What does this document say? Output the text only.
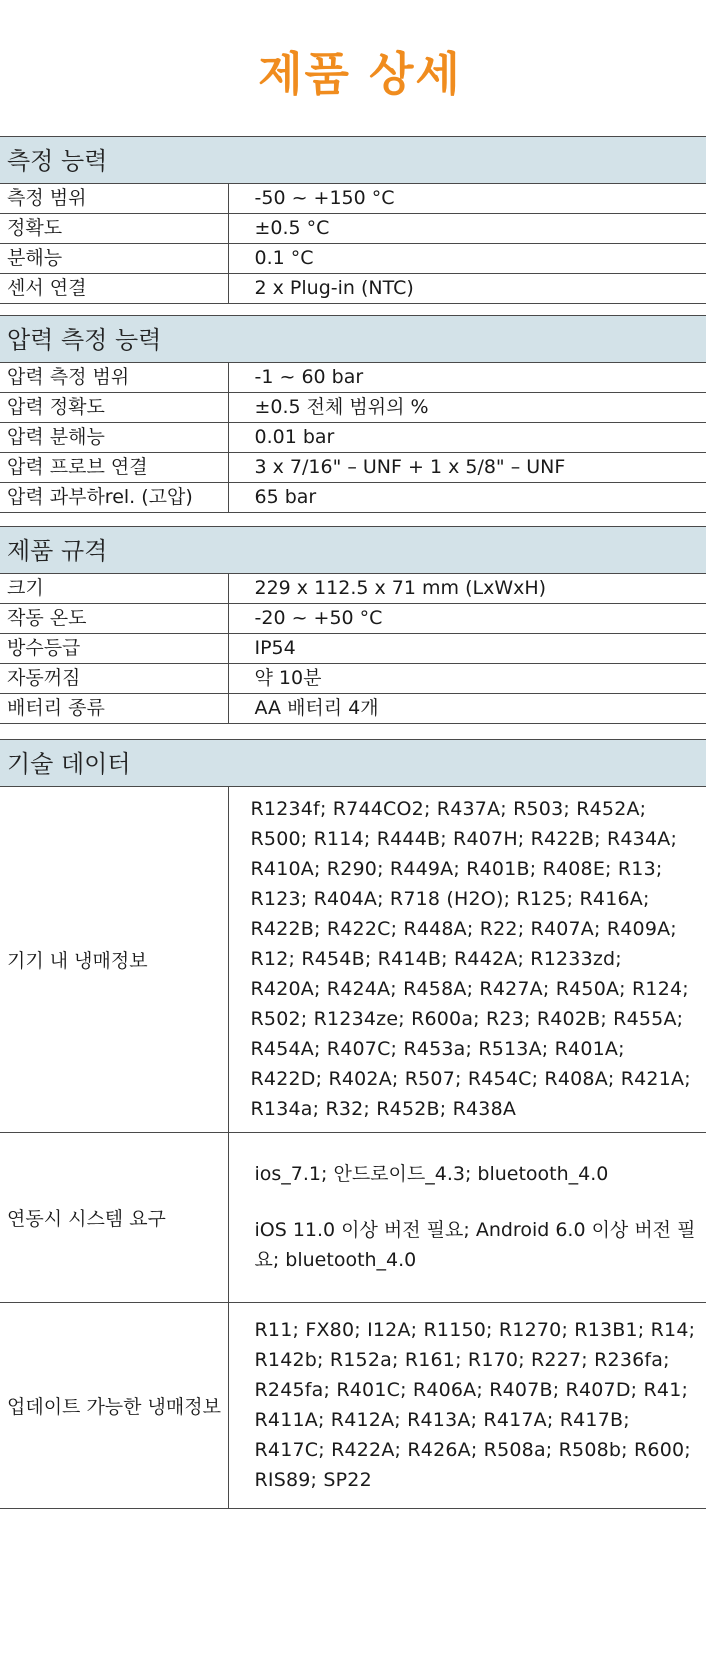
제품 상세
측정 능력
측정 범위	-50 ~ +150 °C
정확도	±0.5 °C
분해능	0.1 °C
센서 연결	2 x Plug-in (NTC)
압력 측정 능력
압력 측정 범위	-1 ~ 60 bar
압력 정확도	±0.5 전체 범위의 %
압력 분해능	0.01 bar
압력 프로브 연결	3 x 7/16" – UNF + 1 x 5/8" – UNF
압력 과부하rel. (고압)	65 bar
제품 규격
크기	229 x 112.5 x 71 mm (LxWxH)
작동 온도	-20 ~ +50 °C
방수등급	IP54
자동꺼짐	약 10분
배터리 종류	AA 배터리 4개
기술 데이터
기기 내 냉매정보	R1234f; R744CO2; R437A; R503; R452A; R500; R114; R444B; R407H; R422B; R434A; R410A; R290; R449A; R401B; R408E; R13; R123; R404A; R718 (H2O); R125; R416A; R422B; R422C; R448A; R22; R407A; R409A; R12; R454B; R414B; R442A; R1233zd; R420A; R424A; R458A; R427A; R450A; R124; R502; R1234ze; R600a; R23; R402B; R455A; R454A; R407C; R453a; R513A; R401A; R422D; R402A; R507; R454C; R408A; R421A; R134a; R32; R452B; R438A
연동시 시스템 요구	ios_7.1; 안드로이드_4.3; bluetooth_4.0

iOS 11.0 이상 버전 필요; Android 6.0 이상 버전 필요; bluetooth_4.0

업데이트 가능한 냉매정보	R11; FX80; I12A; R1150; R1270; R13B1; R14; R142b; R152a; R161; R170; R227; R236fa; R245fa; R401C; R406A; R407B; R407D; R41; R411A; R412A; R413A; R417A; R417B; R417C; R422A; R426A; R508a; R508b; R600; RIS89; SP22
